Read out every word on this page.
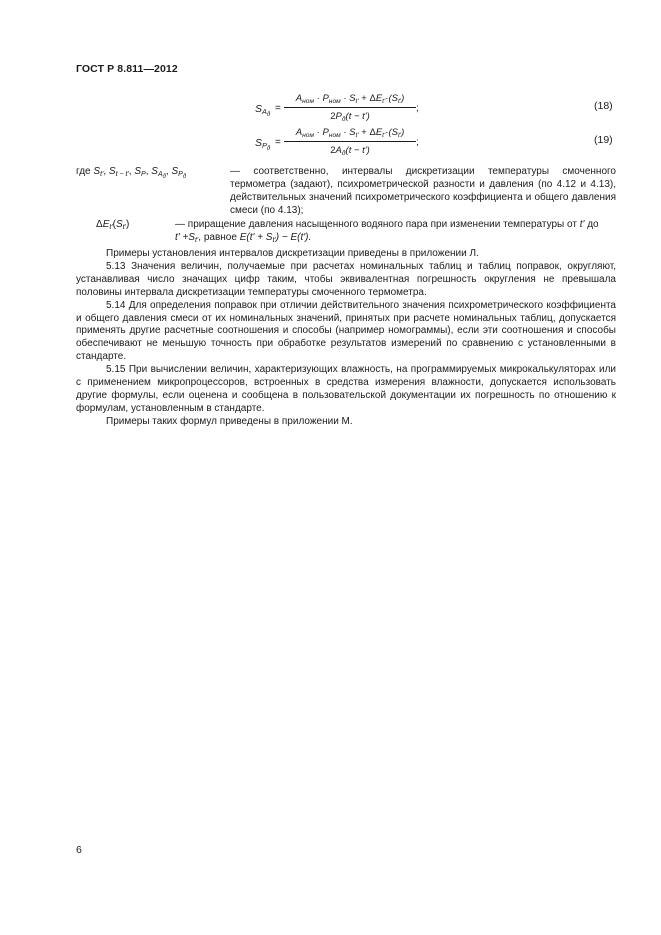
ГОСТ Р 8.811—2012
$S_{A_д}$
=
$A_{ном} \cdot P_{ном} \cdot S_{t'} + \Delta E_{t'}\cdot(S_{t'})$
$2P_д(t - t')$
;	(18)
$S_{P_д}$
=
$A_{ном} \cdot P_{ном} \cdot S_{t'} + \Delta E_{t'}\cdot(S_{t'})$
$2A_д(t - t')$
;	(19)
где $S_{t'}$, $S_{t - t'}$, $S_P$, $S_{A_д}$, $S_{P_д}$	— соответственно, интервалы дискретизации температуры смоченного термометра (задают), психрометрической разности и давления (по 4.12 и 4.13), действительных значений психрометрического коэффициента и общего давления смеси (по 4.13);
$\Delta E_{t'}(S_{t'})$	— приращение давления насыщенного водяного пара при изменении температуры от t' до
$t' +S_{t'}$, равное $E(t' + S_{t'}) - E(t')$.

Примеры установления интервалов дискретизации приведены в приложении Л.

5.13 Значения величин, получаемые при расчетах номинальных таблиц и таблиц поправок, округляют, устанавливая число значащих цифр таким, чтобы эквивалентная погрешность округления не превышала половины интервала дискретизации температуры смоченного термометра.

5.14 Для определения поправок при отличии действительного значения психрометрического коэффициента и общего давления смеси от их номинальных значений, принятых при расчете номинальных таблиц, допускается применять другие расчетные соотношения и способы (например номограммы), если эти соотношения и способы обеспечивают не меньшую точность при обработке результатов измерений по сравнению с установленными в стандарте.

5.15 При вычислении величин, характеризующих влажность, на программируемых микрокалькуляторах или с применением микропроцессоров, встроенных в средства измерения влажности, допускается использовать другие формулы, если оценена и сообщена в пользовательской документации их погрешность по отношению к формулам, установленным в стандарте.

Примеры таких формул приведены в приложении М.

6
